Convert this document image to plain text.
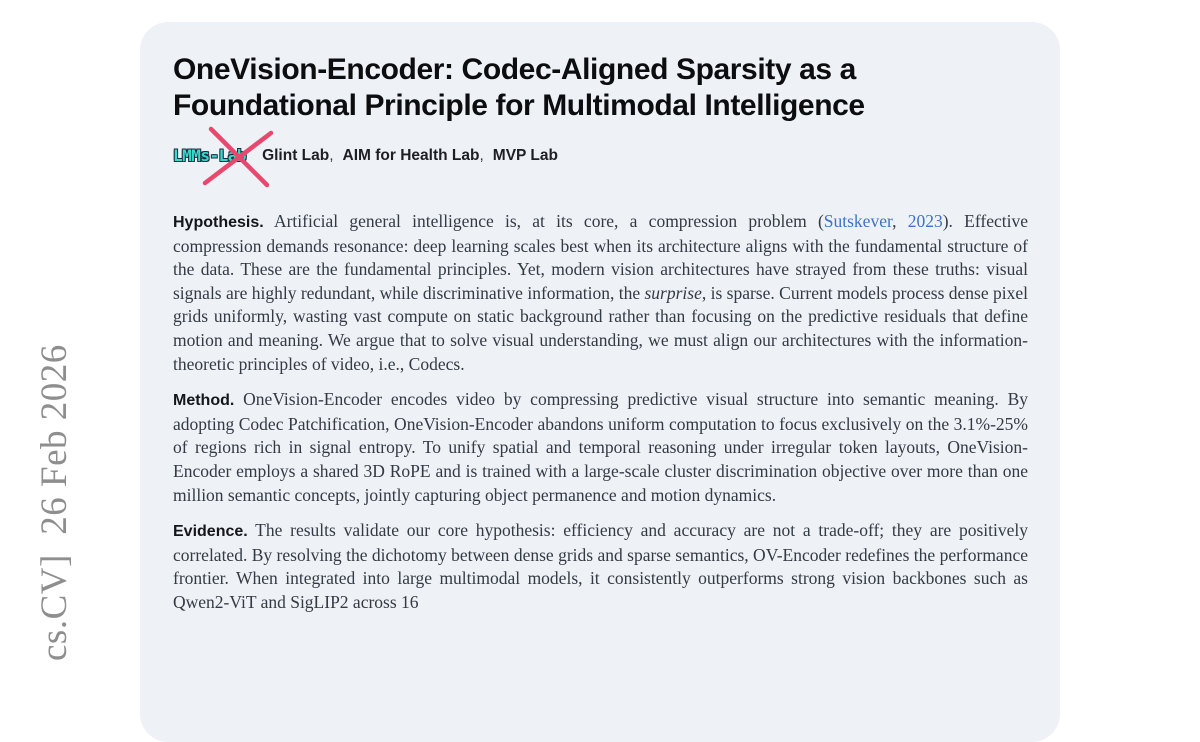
cs.CV]  26 Feb 2026
OneVision-Encoder: Codec-Aligned Sparsity as a
Foundational Principle for Multimodal Intelligence
LMMs-Lab Glint Lab, AIM for Health Lab, MVP Lab

Hypothesis. Artificial general intelligence is, at its core, a compression problem (Sutskever, 2023). Effective compression demands resonance: deep learning scales best when its architecture aligns with the fundamental structure of the data. These are the fundamental principles. Yet, modern vision architectures have strayed from these truths: visual signals are highly redundant, while discriminative information, the surprise, is sparse. Current models process dense pixel grids uniformly, wasting vast compute on static background rather than focusing on the predictive residuals that define motion and meaning. We argue that to solve visual understanding, we must align our architectures with the information-theoretic principles of video, i.e., Codecs.

Method. OneVision-Encoder encodes video by compressing predictive visual structure into semantic meaning. By adopting Codec Patchification, OneVision-Encoder abandons uniform computation to focus exclusively on the 3.1%-25% of regions rich in signal entropy. To unify spatial and temporal reasoning under irregular token layouts, OneVision-Encoder employs a shared 3D RoPE and is trained with a large-scale cluster discrimination objective over more than one million semantic concepts, jointly capturing object permanence and motion dynamics.

Evidence. The results validate our core hypothesis: efficiency and accuracy are not a trade-off; they are positively correlated. By resolving the dichotomy between dense grids and sparse semantics, OV-Encoder redefines the performance frontier. When integrated into large multimodal models, it consistently outperforms strong vision backbones such as Qwen2-ViT and SigLIP2 across 16
